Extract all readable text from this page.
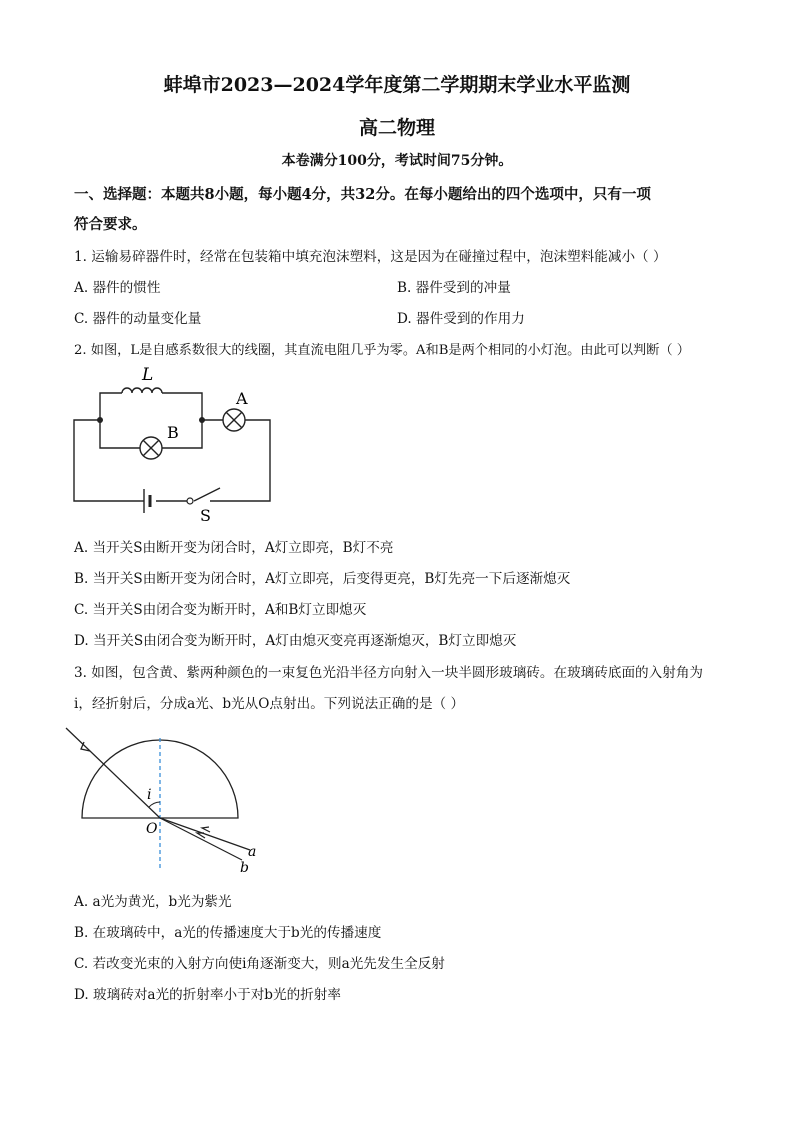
蚌埠市2023—2024学年度第二学期期末学业水平监测
高二物理
本卷满分100分，考试时间75分钟。
一、选择题：本题共8小题，每小题4分，共32分。在每小题给出的四个选项中，只有一项
符合要求。
1. 运输易碎器件时，经常在包装箱中填充泡沫塑料，这是因为在碰撞过程中，泡沫塑料能减小（ ）
A. 器件的惯性	B. 器件受到的冲量
C. 器件的动量变化量	D. 器件受到的作用力
2. 如图，L是自感系数很大的线圈，其直流电阻几乎为零。A和B是两个相同的小灯泡。由此可以判断（ ）
L
B
A
S
A. 当开关S由断开变为闭合时，A灯立即亮，B灯不亮
B. 当开关S由断开变为闭合时，A灯立即亮，后变得更亮，B灯先亮一下后逐渐熄灭
C. 当开关S由闭合变为断开时，A和B灯立即熄灭
D. 当开关S由闭合变为断开时，A灯由熄灭变亮再逐渐熄灭，B灯立即熄灭
3. 如图，包含黄、紫两种颜色的一束复色光沿半径方向射入一块半圆形玻璃砖。在玻璃砖底面的入射角为
i，经折射后，分成a光、b光从O点射出。下列说法正确的是（ ）
i
O
a
b
A. a光为黄光，b光为紫光
B. 在玻璃砖中，a光的传播速度大于b光的传播速度
C. 若改变光束的入射方向使i角逐渐变大，则a光先发生全反射
D. 玻璃砖对a光的折射率小于对b光的折射率
